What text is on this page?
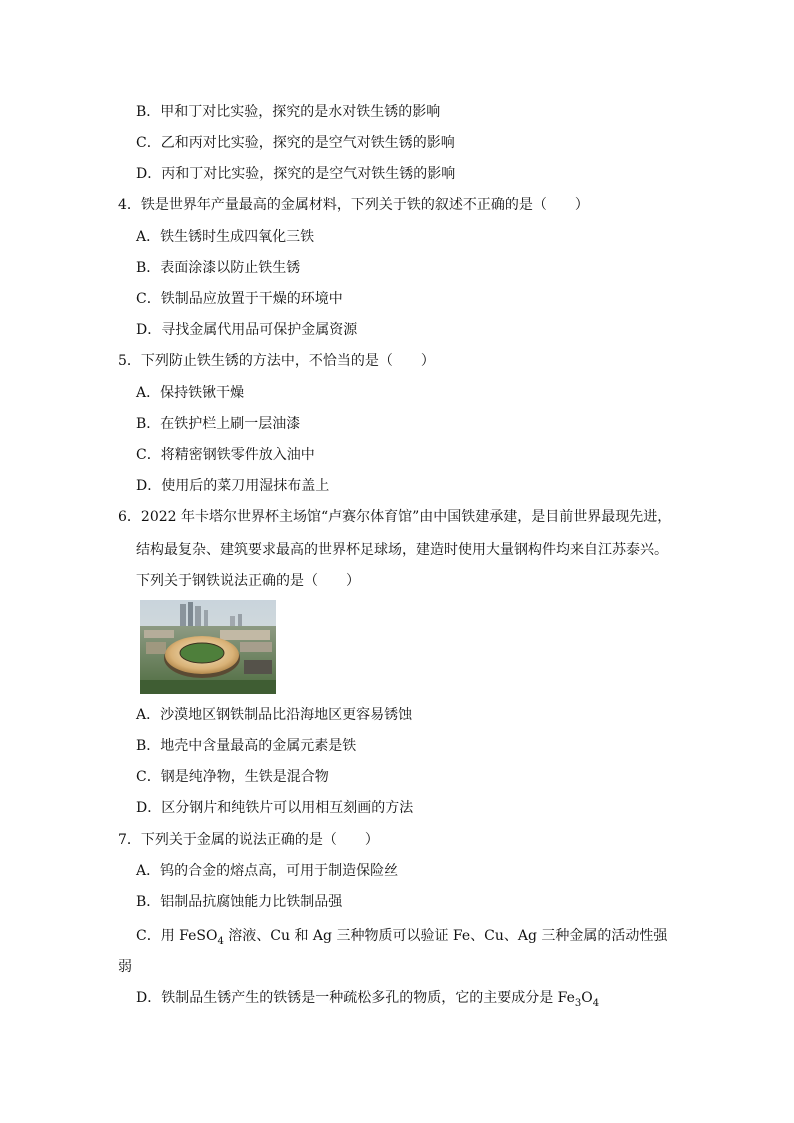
B．甲和丁对比实验，探究的是水对铁生锈的影响
C．乙和丙对比实验，探究的是空气对铁生锈的影响
D．丙和丁对比实验，探究的是空气对铁生锈的影响
4．铁是世界年产量最高的金属材料，下列关于铁的叙述不正确的是（　　）
A．铁生锈时生成四氧化三铁
B．表面涂漆以防止铁生锈
C．铁制品应放置于干燥的环境中
D．寻找金属代用品可保护金属资源
5．下列防止铁生锈的方法中，不恰当的是（　　）
A．保持铁锹干燥
B．在铁护栏上刷一层油漆
C．将精密钢铁零件放入油中
D．使用后的菜刀用湿抹布盖上
6．2022 年卡塔尔世界杯主场馆“卢赛尔体育馆”由中国铁建承建，是目前世界最现先进，
结构最复杂、建筑要求最高的世界杯足球场，建造时使用大量钢构件均来自江苏泰兴。
下列关于钢铁说法正确的是（　　）
A．沙漠地区钢铁制品比沿海地区更容易锈蚀
B．地壳中含量最高的金属元素是铁
C．钢是纯净物，生铁是混合物
D．区分钢片和纯铁片可以用相互刻画的方法
7．下列关于金属的说法正确的是（　　）
A．钨的合金的熔点高，可用于制造保险丝
B．铝制品抗腐蚀能力比铁制品强
C．用 FeSO$_4$ 溶液、Cu 和 Ag 三种物质可以验证 Fe、Cu、Ag 三种金属的活动性强
弱
D．铁制品生锈产生的铁锈是一种疏松多孔的物质，它的主要成分是 $Fe_3O_4$
